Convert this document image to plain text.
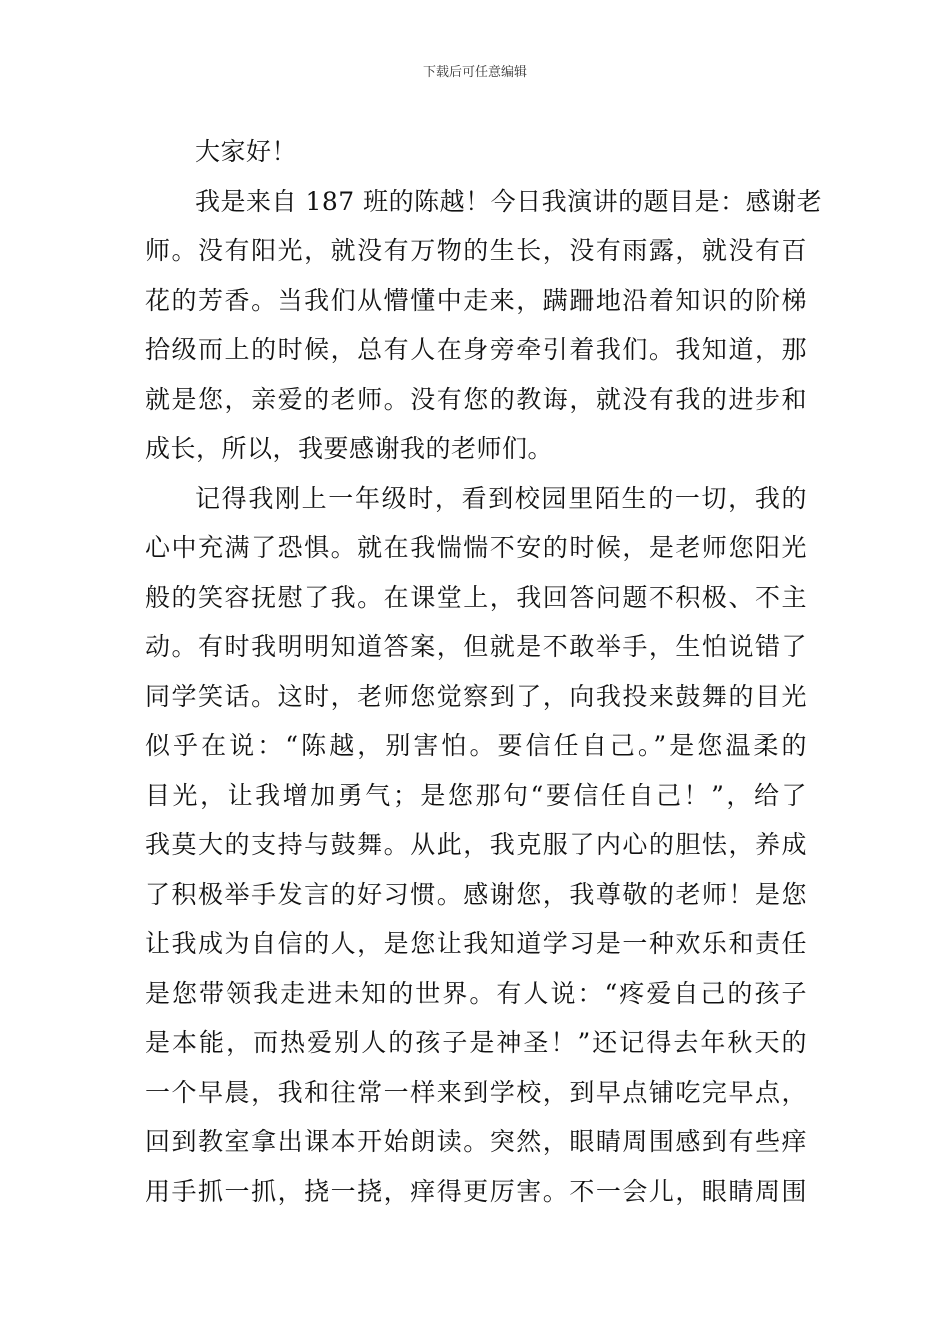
下载后可任意编辑
大家好！
我是来自 187 班的陈越！今日我演讲的题目是：感谢老
师。没有阳光，就没有万物的生长，没有雨露，就没有百
花的芳香。当我们从懵懂中走来，蹒跚地沿着知识的阶梯
拾级而上的时候，总有人在身旁牵引着我们。我知道，那
就是您，亲爱的老师。没有您的教诲，就没有我的进步和
成长，所以，我要感谢我的老师们。
记得我刚上一年级时，看到校园里陌生的一切，我的
心中充满了恐惧。就在我惴惴不安的时候，是老师您阳光
般的笑容抚慰了我。在课堂上，我回答问题不积极、不主
动。有时我明明知道答案，但就是不敢举手，生怕说错了
同学笑话。这时，老师您觉察到了，向我投来鼓舞的目光
似乎在说：“陈越，别害怕。要信任自己。”是您温柔的
目光，让我增加勇气；是您那句“要信任自己！”，给了
我莫大的支持与鼓舞。从此，我克服了内心的胆怯，养成
了积极举手发言的好习惯。感谢您，我尊敬的老师！是您
让我成为自信的人，是您让我知道学习是一种欢乐和责任
是您带领我走进未知的世界。有人说：“疼爱自己的孩子
是本能，而热爱别人的孩子是神圣！”还记得去年秋天的
一个早晨，我和往常一样来到学校，到早点铺吃完早点，
回到教室拿出课本开始朗读。突然，眼睛周围感到有些痒
用手抓一抓，挠一挠，痒得更厉害。不一会儿，眼睛周围
